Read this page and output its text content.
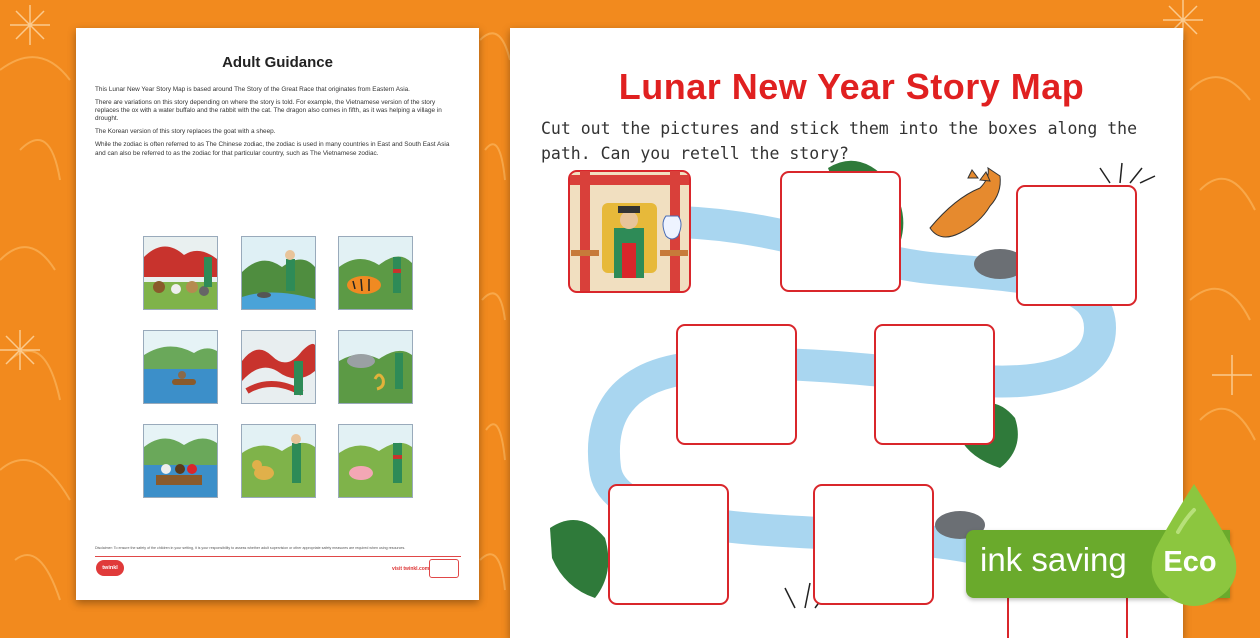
Adult Guidance

This Lunar New Year Story Map is based around The Story of the Great Race that originates from Eastern Asia.

There are variations on this story depending on where the story is told. For example, the Vietnamese version of the story replaces the ox with a water buffalo and the rabbit with the cat. The dragon also comes in fifth, as it was helping a village in drought.

The Korean version of this story replaces the goat with a sheep.

While the zodiac is often referred to as The Chinese zodiac, the zodiac is used in many countries in East and South East Asia and can also be referred to as the zodiac for that particular country, such as The Vietnamese zodiac.

Disclaimer: To ensure the safety of the children in your setting, it is your responsibility to assess whether adult supervision or other appropriate safety measures are required when using resources.
twinkl	visit twinkl.com
Lunar New Year Story Map
Cut out the pictures and stick them into the boxes along the path. Can you retell the story?
ink saving Eco
